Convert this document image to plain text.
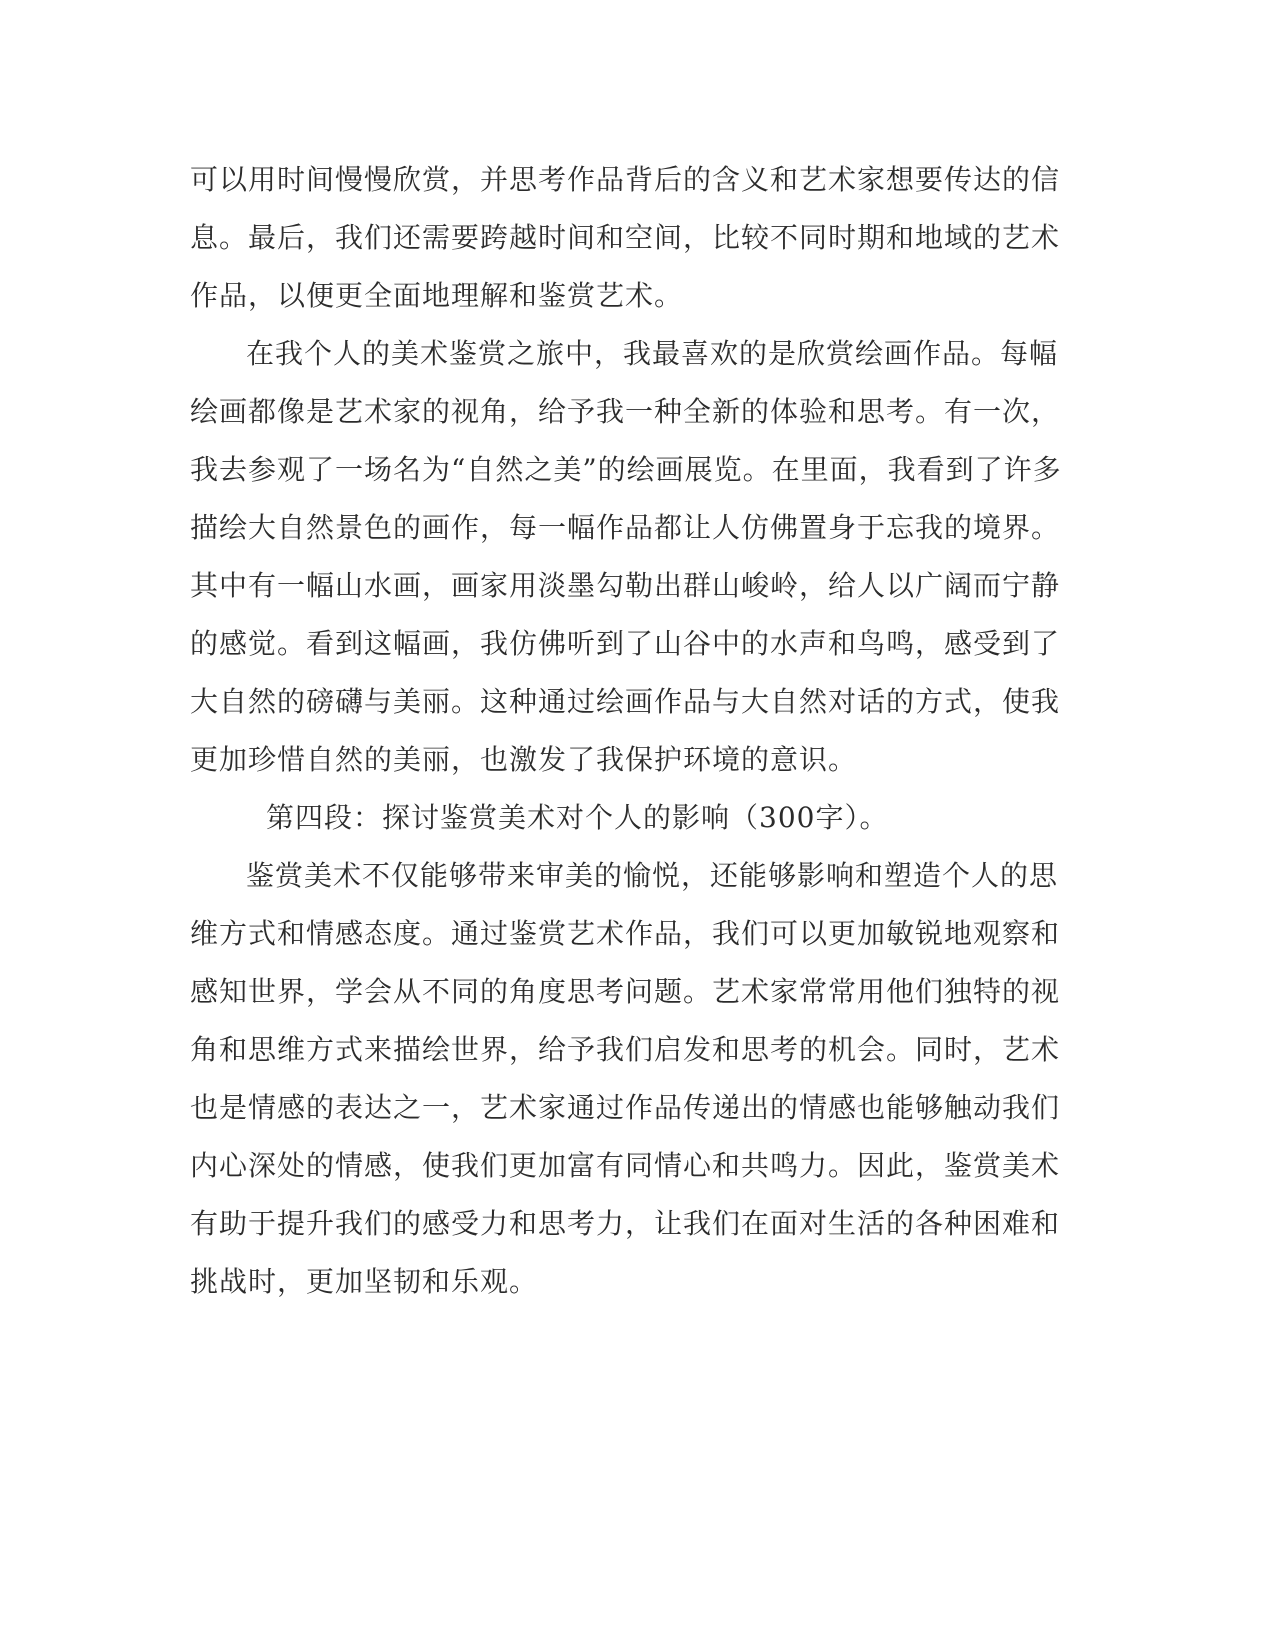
可以用时间慢慢欣赏，并思考作品背后的含义和艺术家想要传达的信
息。最后，我们还需要跨越时间和空间，比较不同时期和地域的艺术
作品，以便更全面地理解和鉴赏艺术。
在我个人的美术鉴赏之旅中，我最喜欢的是欣赏绘画作品。每幅
绘画都像是艺术家的视角，给予我一种全新的体验和思考。有一次，
我去参观了一场名为“自然之美”的绘画展览。在里面，我看到了许多
描绘大自然景色的画作，每一幅作品都让人仿佛置身于忘我的境界。
其中有一幅山水画，画家用淡墨勾勒出群山峻岭，给人以广阔而宁静
的感觉。看到这幅画，我仿佛听到了山谷中的水声和鸟鸣，感受到了
大自然的磅礴与美丽。这种通过绘画作品与大自然对话的方式，使我
更加珍惜自然的美丽，也激发了我保护环境的意识。
第四段：探讨鉴赏美术对个人的影响（300字）。
鉴赏美术不仅能够带来审美的愉悦，还能够影响和塑造个人的思
维方式和情感态度。通过鉴赏艺术作品，我们可以更加敏锐地观察和
感知世界，学会从不同的角度思考问题。艺术家常常用他们独特的视
角和思维方式来描绘世界，给予我们启发和思考的机会。同时，艺术
也是情感的表达之一，艺术家通过作品传递出的情感也能够触动我们
内心深处的情感，使我们更加富有同情心和共鸣力。因此，鉴赏美术
有助于提升我们的感受力和思考力，让我们在面对生活的各种困难和
挑战时，更加坚韧和乐观。
